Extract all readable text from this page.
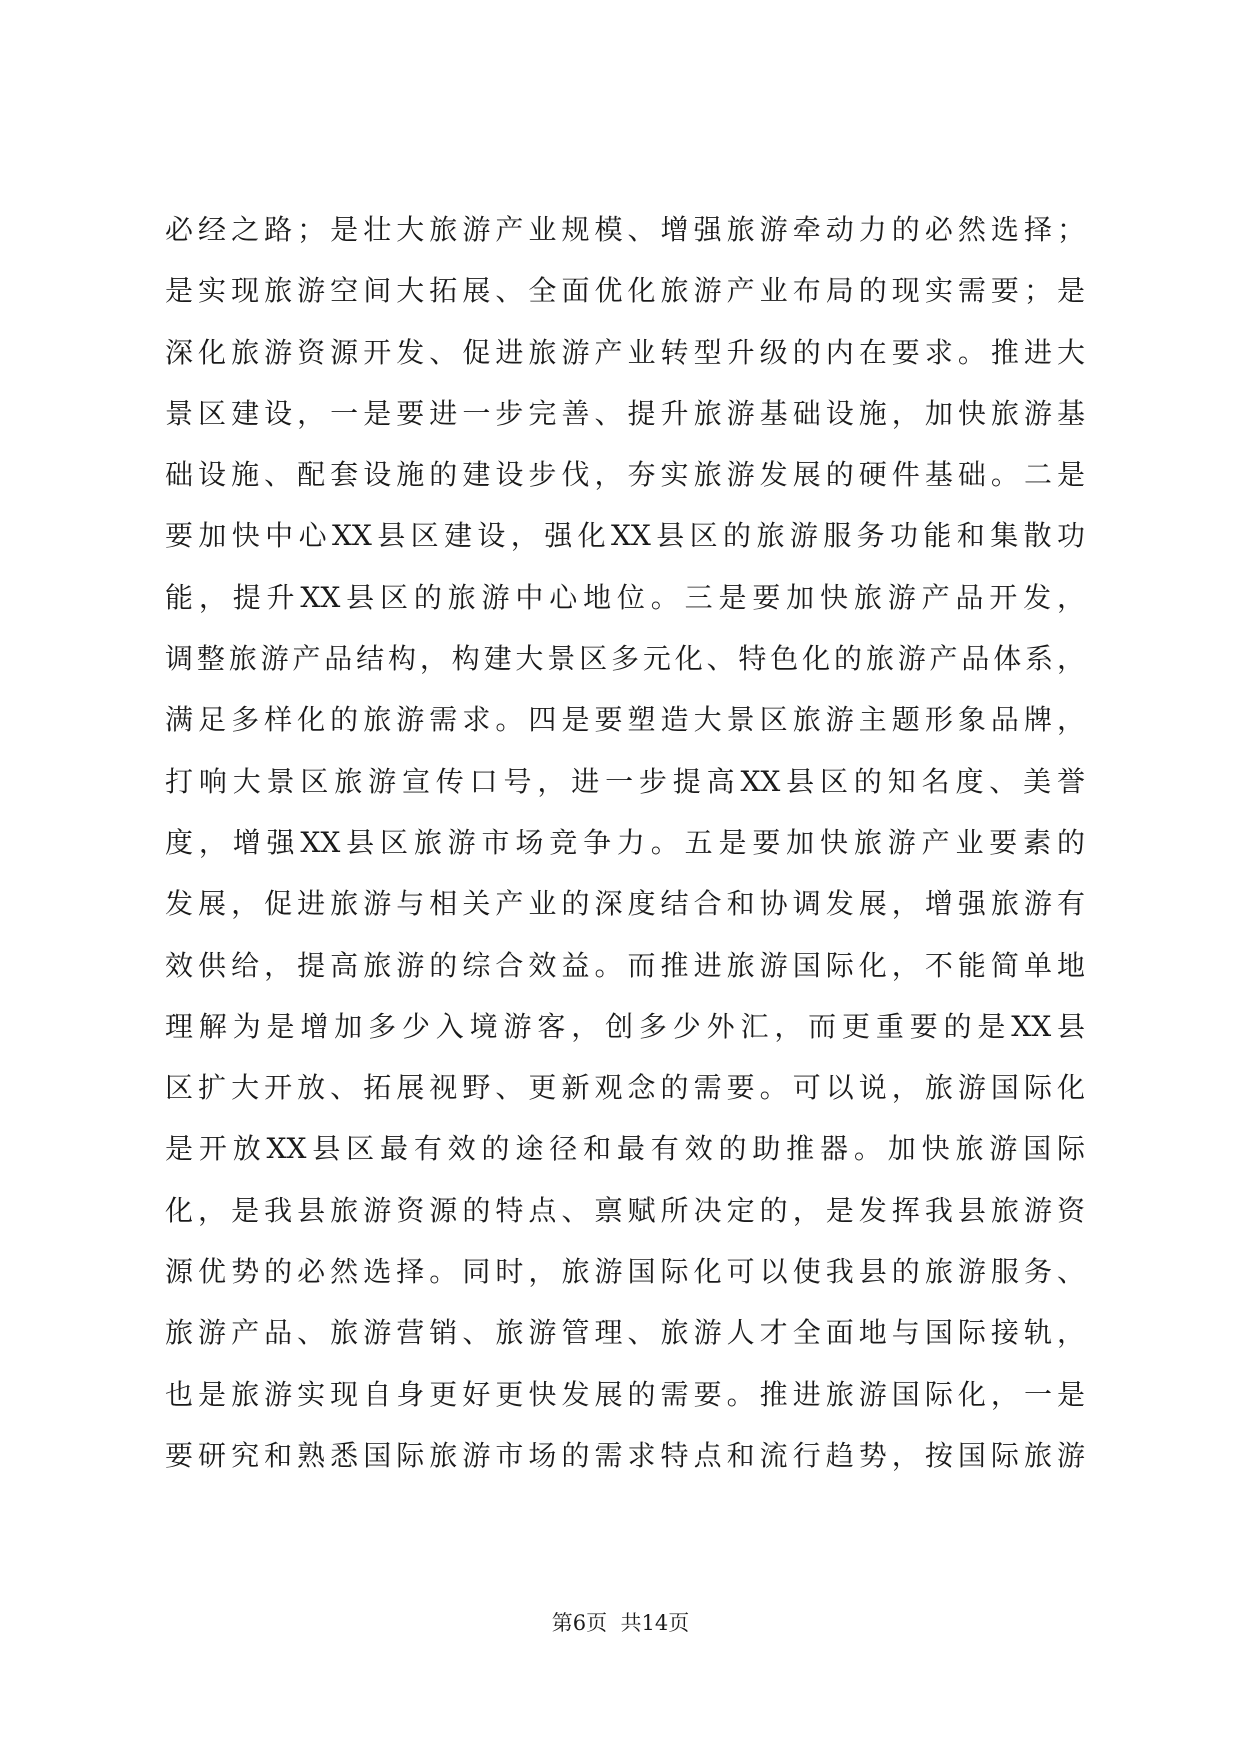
必经之路；是壮大旅游产业规模、增强旅游牵动力的必然选择；
是实现旅游空间大拓展、全面优化旅游产业布局的现实需要；是
深化旅游资源开发、促进旅游产业转型升级的内在要求。推进大
景区建设，一是要进一步完善、提升旅游基础设施，加快旅游基
础设施、配套设施的建设步伐，夯实旅游发展的硬件基础。二是
要加快中心XX县区建设，强化XX县区的旅游服务功能和集散功
能，提升XX县区的旅游中心地位。三是要加快旅游产品开发，
调整旅游产品结构，构建大景区多元化、特色化的旅游产品体系，
满足多样化的旅游需求。四是要塑造大景区旅游主题形象品牌，
打响大景区旅游宣传口号，进一步提高XX县区的知名度、美誉
度，增强XX县区旅游市场竞争力。五是要加快旅游产业要素的
发展，促进旅游与相关产业的深度结合和协调发展，增强旅游有
效供给，提高旅游的综合效益。而推进旅游国际化，不能简单地
理解为是增加多少入境游客，创多少外汇，而更重要的是XX县
区扩大开放、拓展视野、更新观念的需要。可以说，旅游国际化
是开放XX县区最有效的途径和最有效的助推器。加快旅游国际
化，是我县旅游资源的特点、禀赋所决定的，是发挥我县旅游资
源优势的必然选择。同时，旅游国际化可以使我县的旅游服务、
旅游产品、旅游营销、旅游管理、旅游人才全面地与国际接轨，
也是旅游实现自身更好更快发展的需要。推进旅游国际化，一是
要研究和熟悉国际旅游市场的需求特点和流行趋势，按国际旅游
第6页  共14页
